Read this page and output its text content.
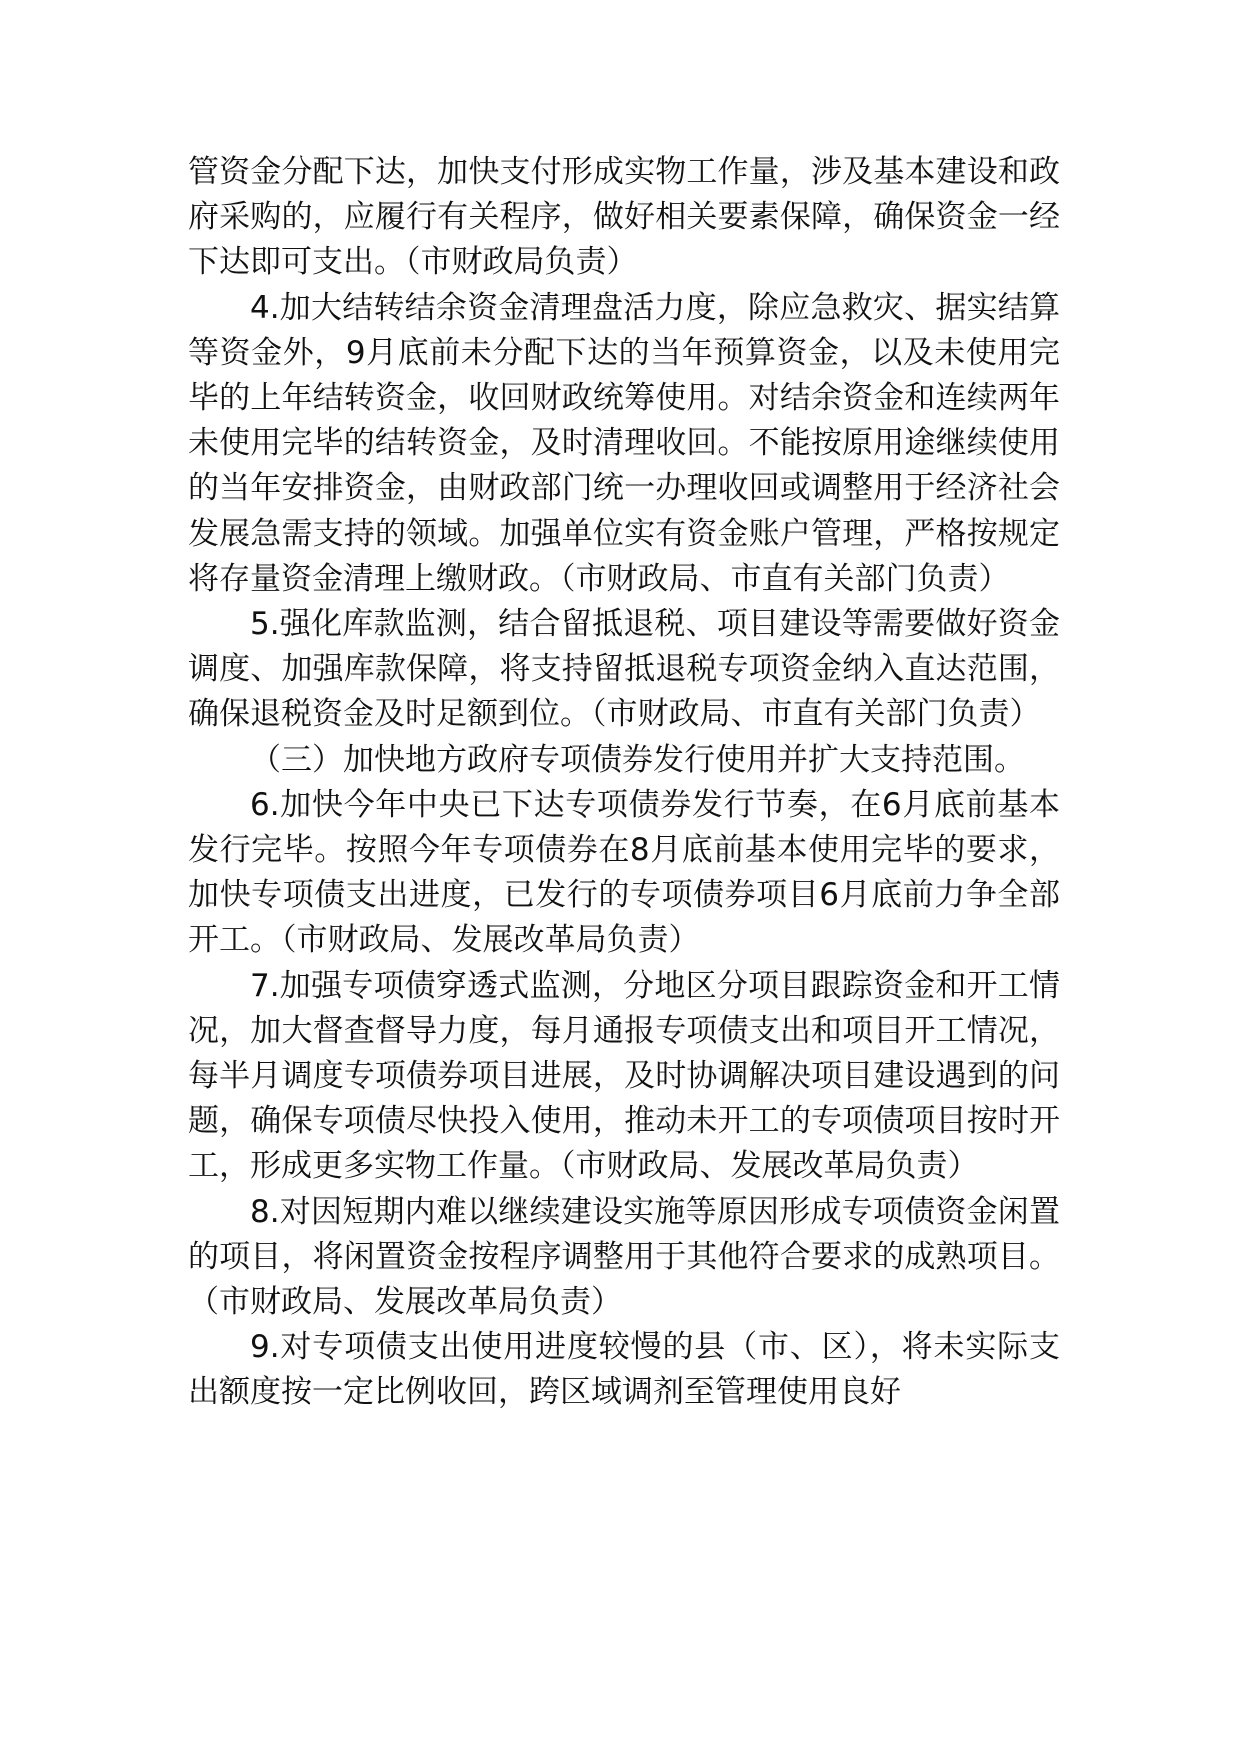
管资金分配下达，加快支付形成实物工作量，涉及基本建设和政府采购的，应履行有关程序，做好相关要素保障，确保资金一经下达即可支出。（市财政局负责）

4.加大结转结余资金清理盘活力度，除应急救灾、据实结算等资金外，9月底前未分配下达的当年预算资金，以及未使用完毕的上年结转资金，收回财政统筹使用。对结余资金和连续两年未使用完毕的结转资金，及时清理收回。不能按原用途继续使用的当年安排资金，由财政部门统一办理收回或调整用于经济社会发展急需支持的领域。加强单位实有资金账户管理，严格按规定将存量资金清理上缴财政。（市财政局、市直有关部门负责）

5.强化库款监测，结合留抵退税、项目建设等需要做好资金调度、加强库款保障，将支持留抵退税专项资金纳入直达范围，确保退税资金及时足额到位。（市财政局、市直有关部门负责）

（三）加快地方政府专项债券发行使用并扩大支持范围。

6.加快今年中央已下达专项债券发行节奏，在6月底前基本发行完毕。按照今年专项债券在8月底前基本使用完毕的要求，加快专项债支出进度，已发行的专项债券项目6月底前力争全部开工。（市财政局、发展改革局负责）

7.加强专项债穿透式监测，分地区分项目跟踪资金和开工情况，加大督查督导力度，每月通报专项债支出和项目开工情况，每半月调度专项债券项目进展，及时协调解决项目建设遇到的问题，确保专项债尽快投入使用，推动未开工的专项债项目按时开工，形成更多实物工作量。（市财政局、发展改革局负责）

8.对因短期内难以继续建设实施等原因形成专项债资金闲置的项目，将闲置资金按程序调整用于其他符合要求的成熟项目。（市财政局、发展改革局负责）

9.对专项债支出使用进度较慢的县（市、区），将未实际支出额度按一定比例收回，跨区域调剂至管理使用良好
